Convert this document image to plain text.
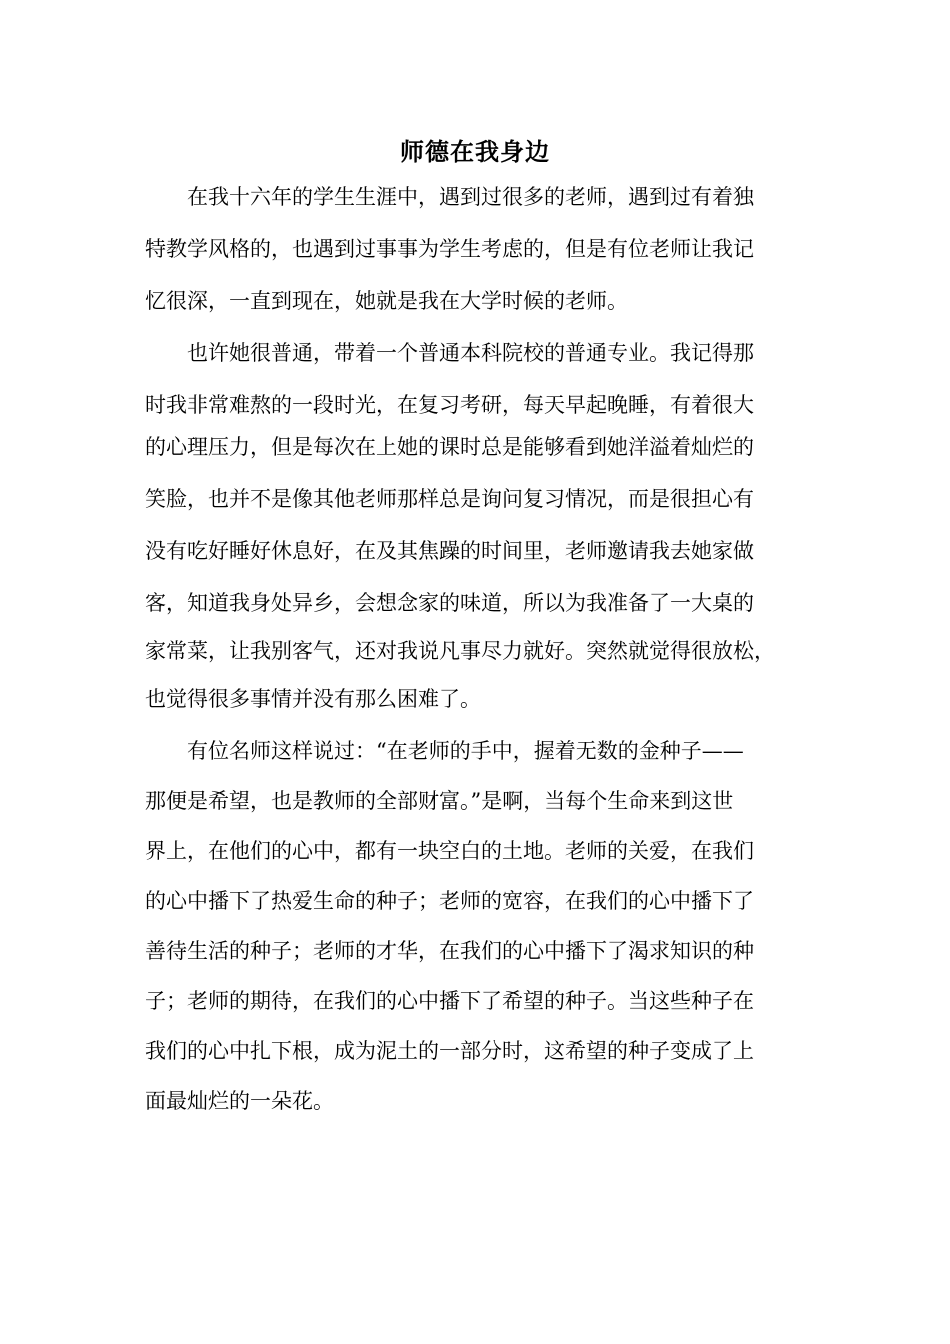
师德在我身边

在我十六年的学生生涯中，遇到过很多的老师，遇到过有着独

特教学风格的，也遇到过事事为学生考虑的，但是有位老师让我记

忆很深，一直到现在，她就是我在大学时候的老师。

也许她很普通，带着一个普通本科院校的普通专业。我记得那

时我非常难熬的一段时光，在复习考研，每天早起晚睡，有着很大

的心理压力，但是每次在上她的课时总是能够看到她洋溢着灿烂的

笑脸，也并不是像其他老师那样总是询问复习情况，而是很担心有

没有吃好睡好休息好，在及其焦躁的时间里，老师邀请我去她家做

客，知道我身处异乡，会想念家的味道，所以为我准备了一大桌的

家常菜，让我别客气，还对我说凡事尽力就好。突然就觉得很放松，

也觉得很多事情并没有那么困难了。

有位名师这样说过：“在老师的手中，握着无数的金种子——

那便是希望，也是教师的全部财富。”是啊，当每个生命来到这世

界上，在他们的心中，都有一块空白的土地。老师的关爱，在我们

的心中播下了热爱生命的种子；老师的宽容，在我们的心中播下了

善待生活的种子；老师的才华，在我们的心中播下了渴求知识的种

子；老师的期待，在我们的心中播下了希望的种子。当这些种子在

我们的心中扎下根，成为泥土的一部分时，这希望的种子变成了上

面最灿烂的一朵花。
